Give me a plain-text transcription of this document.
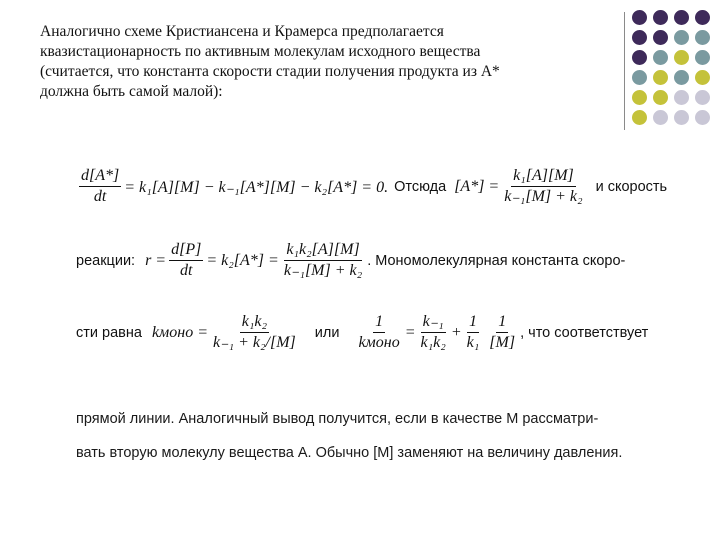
Аналогично схеме Кристиансена и Крамерса предполагается

квазистационарность по активным молекулам исходного вещества

(считается, что константа скорости стадии получения продукта из А*

должна быть самой малой):

$\frac{d[A*]}{dt} = k_1[A][M] - k_{-1}[A*][M] - k_2[A*] = 0$. Отсюда $[A*] = \frac{\text{k₁[A][M]}}{\text{k₋₁[M] + k₂}}$ и скорость
реакции: $r = \frac{d[P]}{dt} = k_2[A*] = \frac{\text{k₁k₂[A][M]}}{\text{k₋₁[M] + k₂}}$ . Мономолекулярная константа скоро-
сти равна kмоно = $\frac{\text{k₁k₂}}{\text{k₋₁ + k₂/[M]}}$ или $\frac{1}{\text{kмоно}} = \frac{\text{k₋₁}}{\text{k₁k₂}} + \frac{1}{\text{k₁}} \frac{1}{[M]}$ , что соответствует
прямой линии. Аналогичный вывод получится, если в качестве M рассматри-
вать вторую молекулу вещества A. Обычно [M] заменяют на величину давления.
